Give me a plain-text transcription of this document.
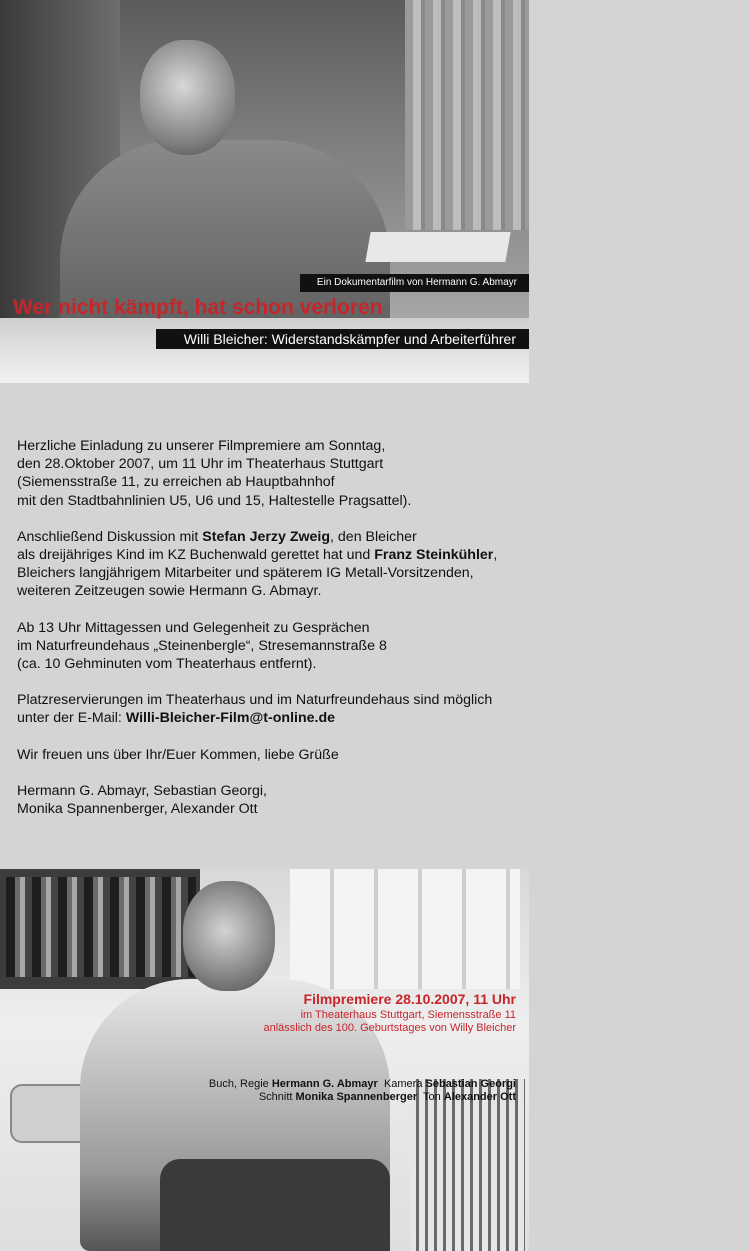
Ein Dokumentarfilm von Hermann G. Abmayr
Wer nicht kämpft, hat schon verloren
Willi Bleicher: Widerstandskämpfer und Arbeiterführer

Herzliche Einladung zu unserer Filmpremiere am Sonntag,
den 28.Oktober 2007, um 11 Uhr im Theaterhaus Stuttgart
(Siemensstraße 11, zu erreichen ab Hauptbahnhof
mit den Stadtbahnlinien U5, U6 und 15, Haltestelle Pragsattel).

Anschließend Diskussion mit Stefan Jerzy Zweig, den Bleicher
als dreijähriges Kind im KZ Buchenwald gerettet hat und Franz Steinkühler,
Bleichers langjährigem Mitarbeiter und späterem IG Metall-Vorsitzenden,
weiteren Zeitzeugen sowie Hermann G. Abmayr.

Ab 13 Uhr Mittagessen und Gelegenheit zu Gesprächen
im Naturfreundehaus „Steinenbergle“, Stresemannstraße 8
(ca. 10 Gehminuten vom Theaterhaus entfernt).

Platzreservierungen im Theaterhaus und im Naturfreundehaus sind möglich
unter der E-Mail: Willi-Bleicher-Film@t-online.de

Wir freuen uns über Ihr/Euer Kommen, liebe Grüße

Hermann G. Abmayr, Sebastian Georgi,
Monika Spannenberger, Alexander Ott

Filmpremiere 28.10.2007, 11 Uhr
im Theaterhaus Stuttgart, Siemensstraße 11
anlässlich des 100. Geburtstages von Willy Bleicher
Buch, Regie Hermann G. Abmayr  Kamera Sebastian Georgi
Schnitt Monika Spannenberger  Ton Alexander Ott
